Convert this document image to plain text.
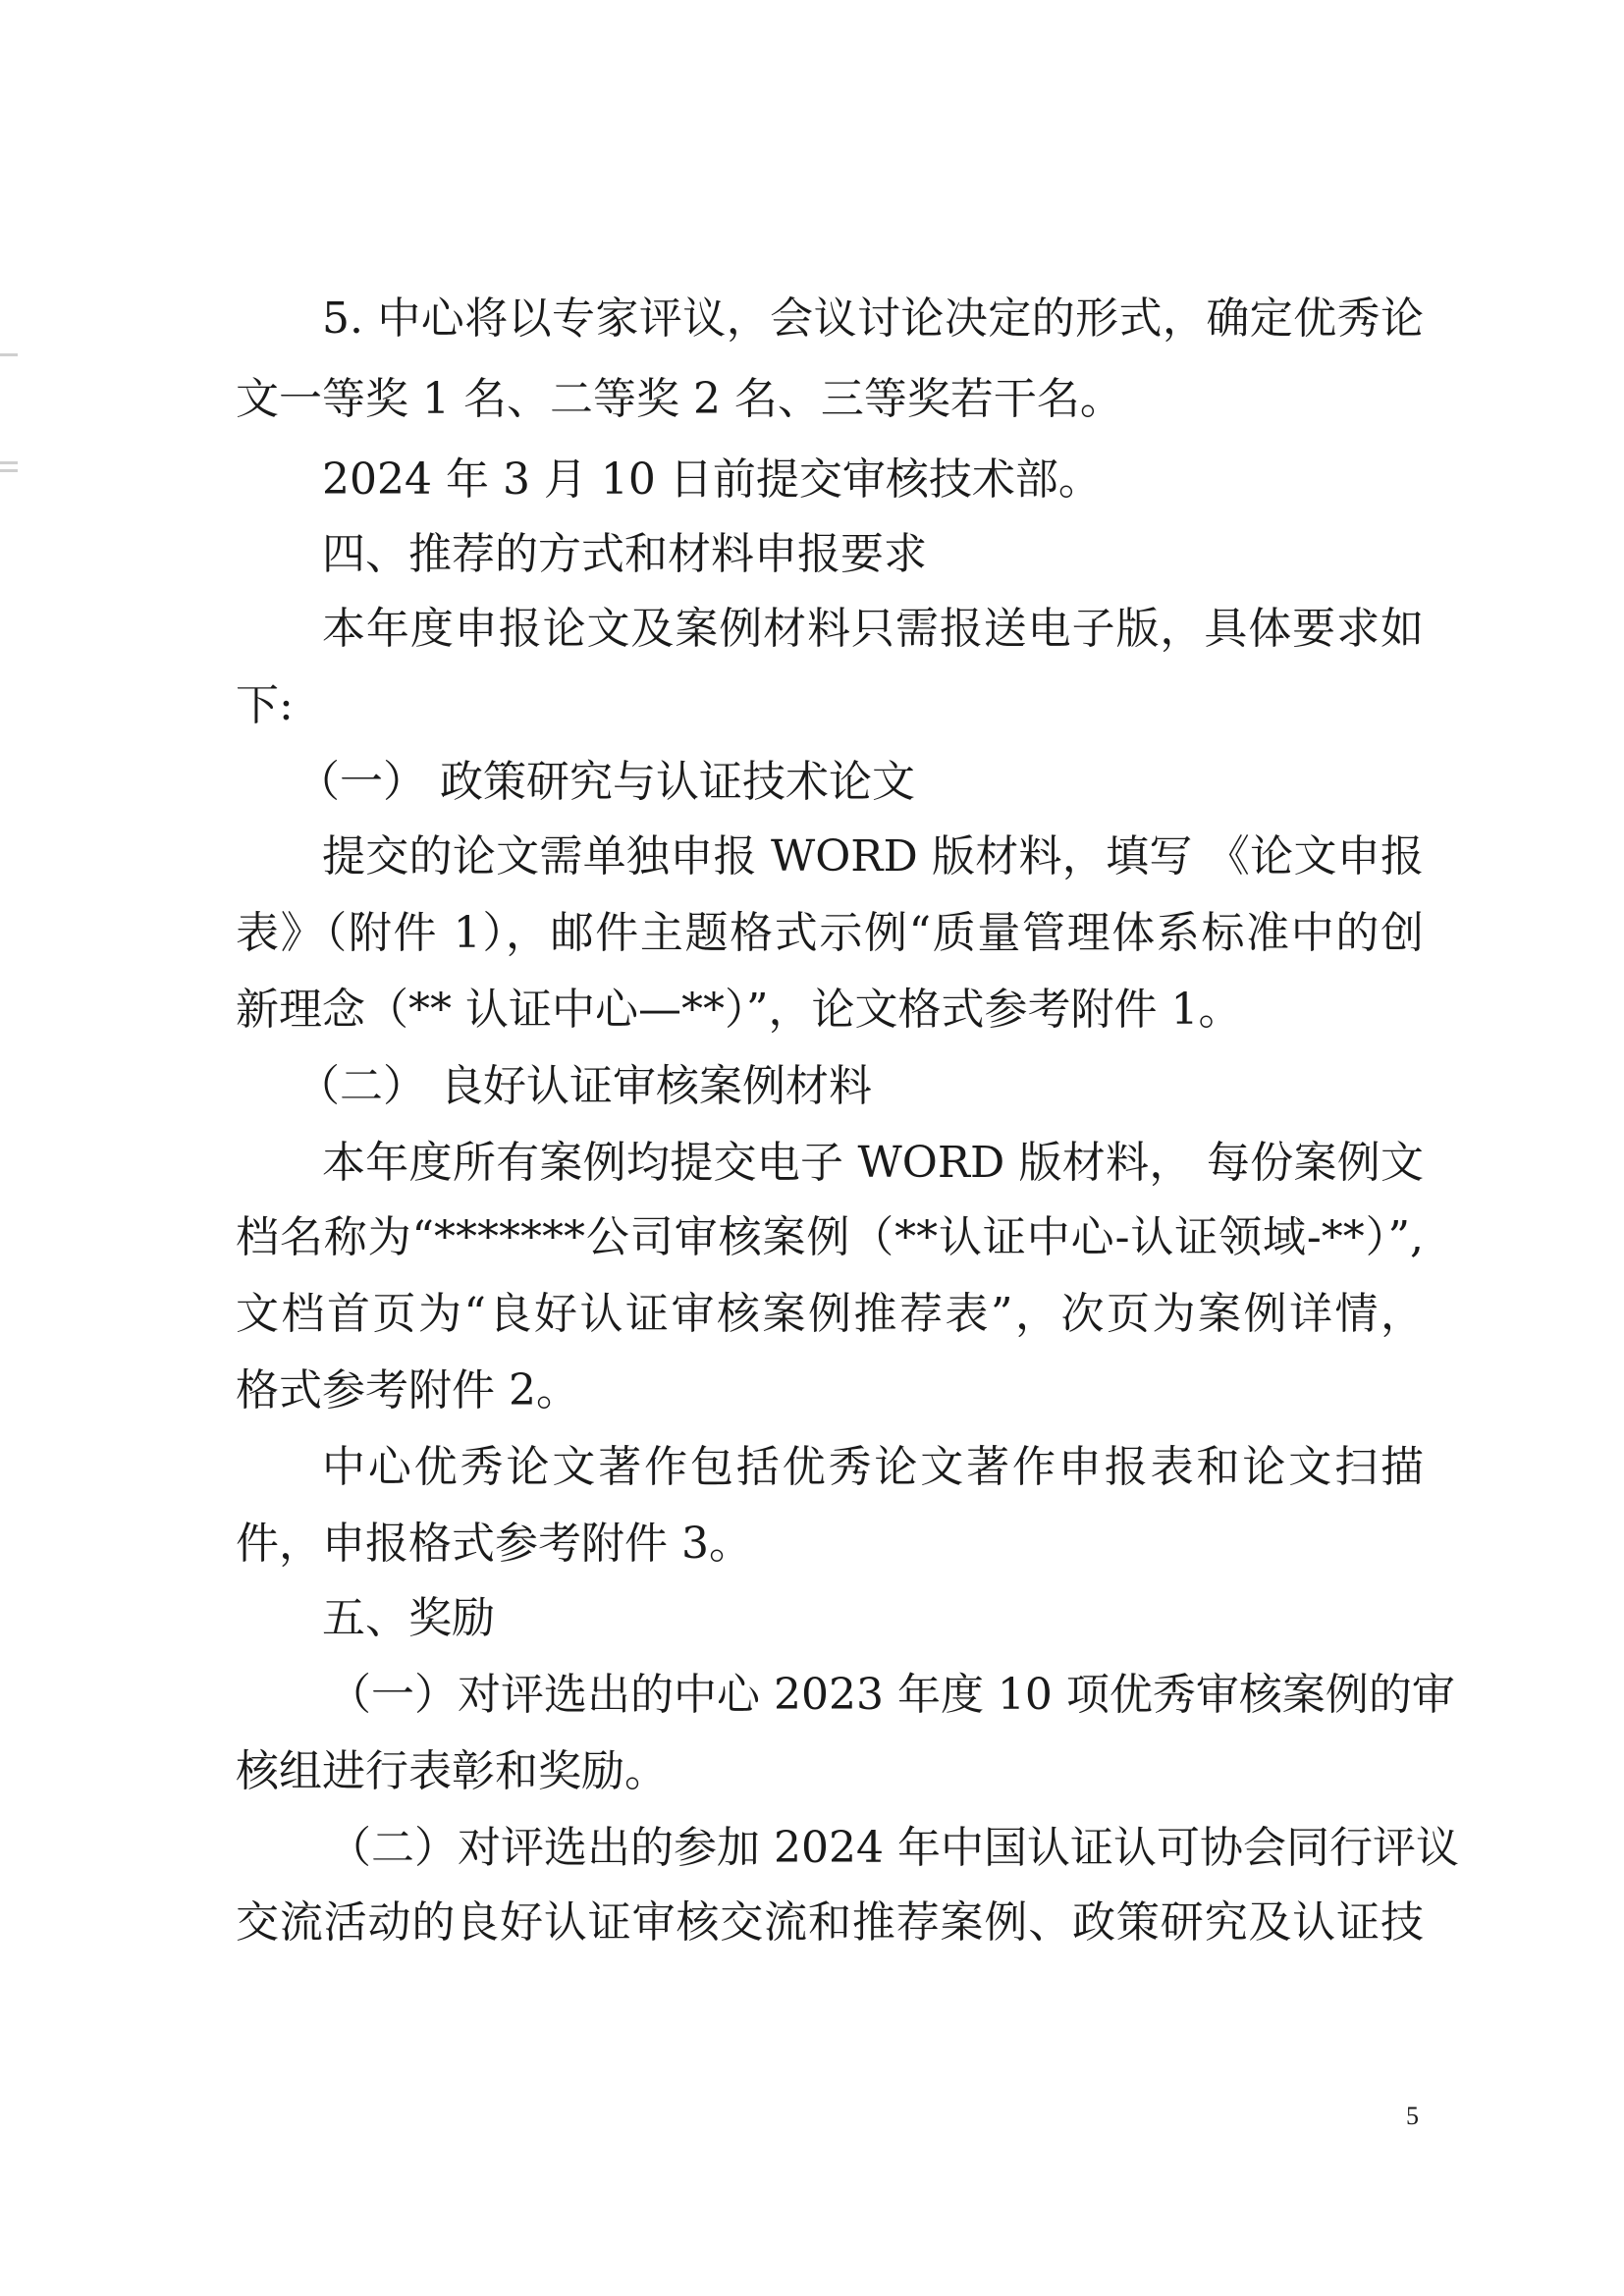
5. 中心将以专家评议，会议讨论决定的形式，确定优秀论
文一等奖 1 名、二等奖 2 名、三等奖若干名。
2024 年 3 月 10 日前提交审核技术部。
四、推荐的方式和材料申报要求
本年度申报论文及案例材料只需报送电子版，具体要求如
下:
（一） 政策研究与认证技术论文
提交的论文需单独申报 WORD 版材料，填写 《论文申报
表》（附件 1），邮件主题格式示例“质量管理体系标准中的创
新理念（** 认证中心—**）”，论文格式参考附件 1。
（二） 良好认证审核案例材料
本年度所有案例均提交电子 WORD 版材料， 每份案例文
档名称为“*******公司审核案例（**认证中心-认证领域-**）”,
文档首页为“良好认证审核案例推荐表”，次页为案例详情，
格式参考附件 2。
中心优秀论文著作包括优秀论文著作申报表和论文扫描
件，申报格式参考附件 3。
五、奖励
（一）对评选出的中心 2023 年度 10 项优秀审核案例的审
核组进行表彰和奖励。
（二）对评选出的参加 2024 年中国认证认可协会同行评议
交流活动的良好认证审核交流和推荐案例、政策研究及认证技
5
